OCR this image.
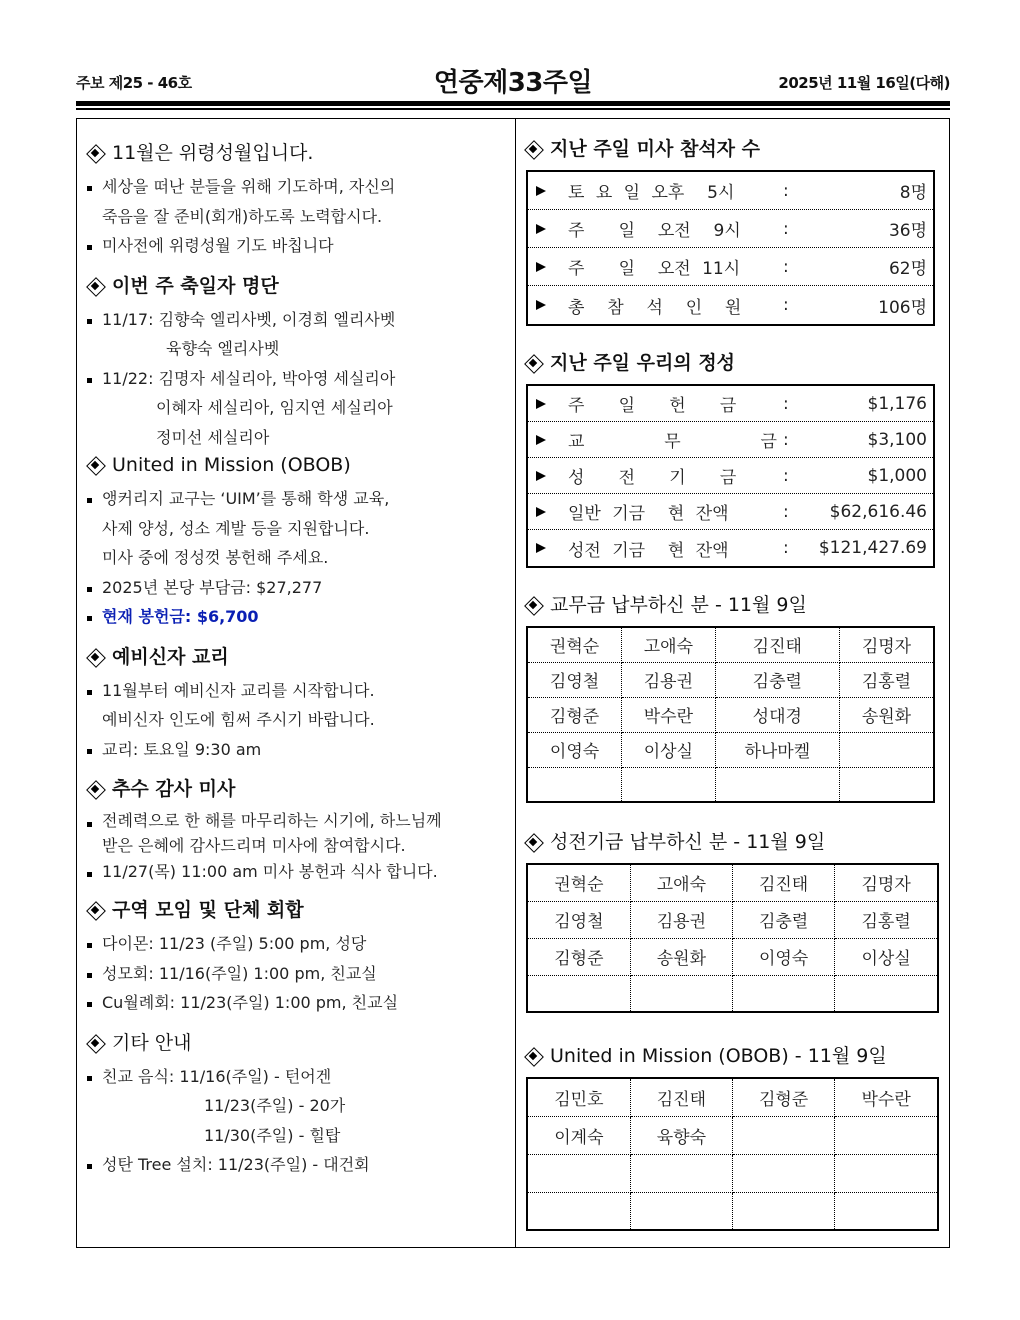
주보 제25 - 46호	연중제33주일	2025년 11월 16일(다해)
11월은 위령성월입니다.
세상을 떠난 분들을 위해 기도하며, 자신의
죽음을 잘 준비(회개)하도록 노력합시다.
미사전에 위령성월 기도 바칩니다
이번 주 축일자 명단
11/17: 김향숙 엘리사벳, 이경희 엘리사벳
육향숙 엘리사벳
11/22: 김명자 세실리아, 박아영 세실리아
이혜자 세실리아, 임지연 세실리아
정미선 세실리아
United in Mission (OBOB)
앵커리지 교구는 ‘UIM’를 통해 학생 교육,
사제 양성, 성소 계발 등을 지원합니다.
미사 중에 정성껏 봉헌해 주세요.
2025년 본당 부담금: $27,277
현재 봉헌금: $6,700
예비신자 교리
11월부터 예비신자 교리를 시작합니다.
예비신자 인도에 힘써 주시기 바랍니다.
교리: 토요일 9:30 am
추수 감사 미사
전례력으로 한 해를 마무리하는 시기에, 하느님께
받은 은혜에 감사드리며 미사에 참여합시다.
11/27(목) 11:00 am 미사 봉헌과 식사 합니다.
구역 모임 및 단체 회합
다이몬: 11/23 (주일) 5:00 pm, 성당
성모회: 11/16(주일) 1:00 pm, 친교실
Cu월례회: 11/23(주일) 1:00 pm, 친교실
기타 안내
친교 음식: 11/16(주일) - 턴어겐
11/23(주일) - 20가
11/30(주일) - 힐탑
성탄 Tree 설치: 11/23(주일) - 대건회
지난 주일 미사 참석자 수
토 요 일 오후  5시	:	8명
주   일  오전  9시 :	36명
주   일  오전 11시	:	62명
총  참  석  인  원 :	106명
지난 주일 우리의 정성
주   일   헌   금	:	$1,176
교       무       금 :	$3,100
성   전   기   금	:	$1,000
일반 기금  현 잔액	: $62,616.46
성전 기금  현 잔액	: $121,427.69
교무금 납부하신 분 - 11월 9일
권혁순	고애숙	김진태	김명자
김영철	김용권	김충렬	김홍렬
김형준	박수란	성대경	송원화
이영숙	이상실	하나마켈	

성전기금 납부하신 분 - 11월 9일
권혁순	고애숙	김진태	김명자
김영철	김용권	김충렬	김홍렬
김형준	송원화	이영숙	이상실

United in Mission (OBOB) - 11월 9일
김민호	김진태	김형준	박수란
이계숙	육향숙		
